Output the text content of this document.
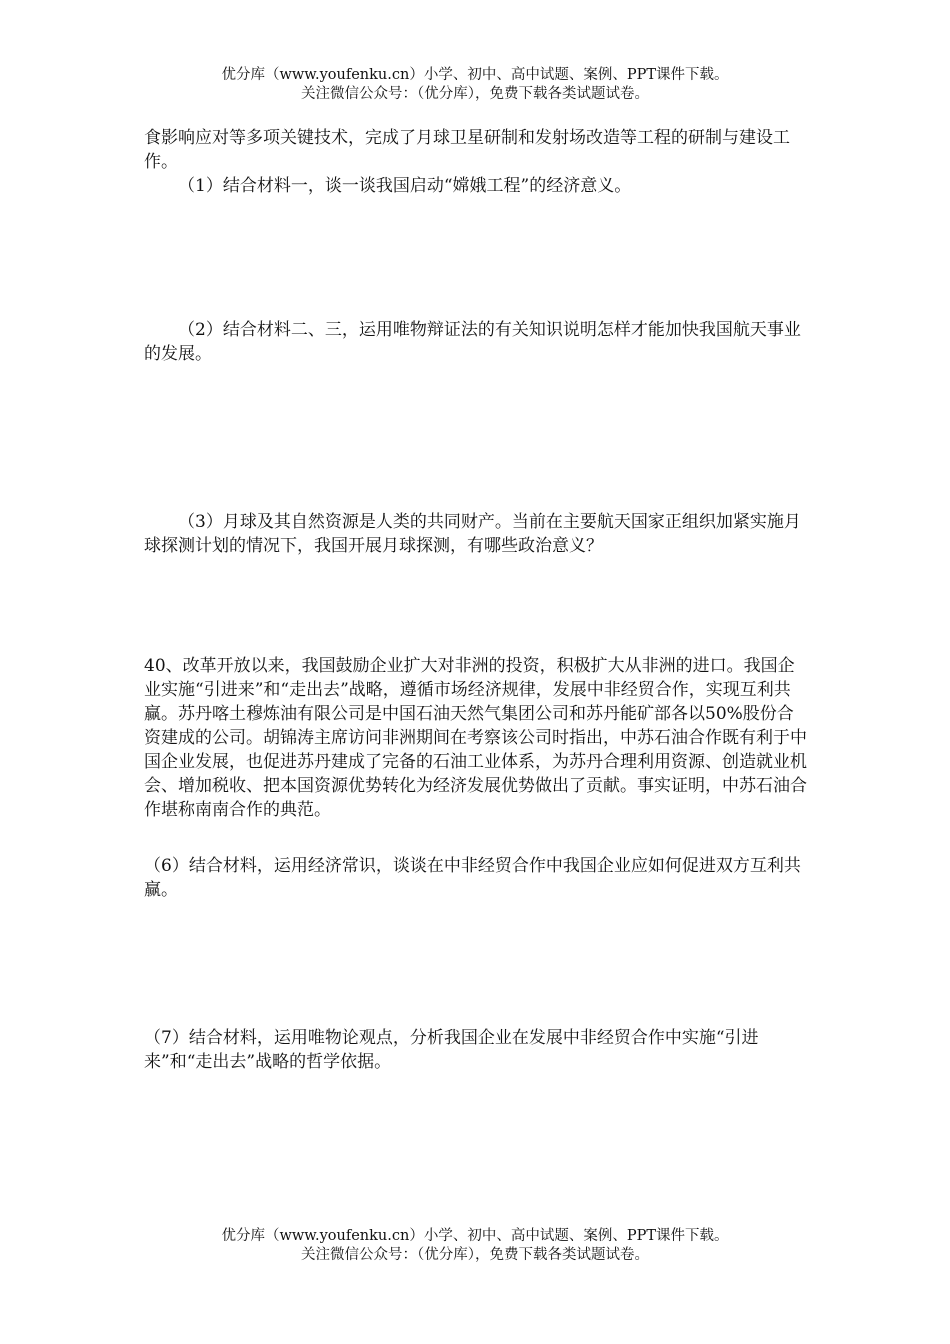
优分库（www.youfenku.cn）小学、初中、高中试题、案例、PPT课件下载。
关注微信公众号：（优分库），免费下载各类试题试卷。

食影响应对等多项关键技术，完成了月球卫星研制和发射场改造等工程的研制与建设工作。

（1）结合材料一，谈一谈我国启动“嫦娥工程”的经济意义。

（2）结合材料二、三，运用唯物辩证法的有关知识说明怎样才能加快我国航天事业的发展。

（3）月球及其自然资源是人类的共同财产。当前在主要航天国家正组织加紧实施月球探测计划的情况下，我国开展月球探测，有哪些政治意义？

40、改革开放以来，我国鼓励企业扩大对非洲的投资，积极扩大从非洲的进口。我国企业实施“引进来”和“走出去”战略，遵循市场经济规律，发展中非经贸合作，实现互利共赢。苏丹喀土穆炼油有限公司是中国石油天然气集团公司和苏丹能矿部各以50%股份合资建成的公司。胡锦涛主席访问非洲期间在考察该公司时指出，中苏石油合作既有利于中国企业发展，也促进苏丹建成了完备的石油工业体系，为苏丹合理利用资源、创造就业机会、增加税收、把本国资源优势转化为经济发展优势做出了贡献。事实证明，中苏石油合作堪称南南合作的典范。

（6）结合材料，运用经济常识，谈谈在中非经贸合作中我国企业应如何促进双方互利共赢。

（7）结合材料，运用唯物论观点，分析我国企业在发展中非经贸合作中实施“引进来”和“走出去”战略的哲学依据。

优分库（www.youfenku.cn）小学、初中、高中试题、案例、PPT课件下载。
关注微信公众号：（优分库），免费下载各类试题试卷。
